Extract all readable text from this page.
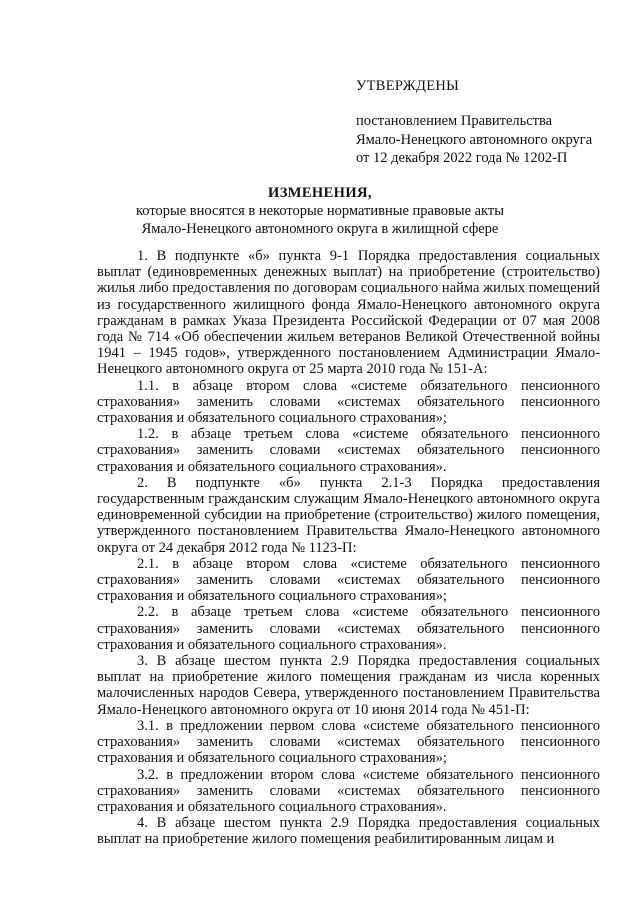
УТВЕРЖДЕНЫ
постановлением Правительства
Ямало-Ненецкого автономного округа
от 12 декабря 2022 года № 1202-П
ИЗМЕНЕНИЯ,
которые вносятся в некоторые нормативные правовые акты
Ямало-Ненецкого автономного округа в жилищной сфере

1. В подпункте «б» пункта 9-1 Порядка предоставления социальных выплат (единовременных денежных выплат) на приобретение (строительство) жилья либо предоставления по договорам социального найма жилых помещений из государственного жилищного фонда Ямало-Ненецкого автономного округа гражданам в рамках Указа Президента Российской Федерации от 07 мая 2008 года № 714 «Об обеспечении жильем ветеранов Великой Отечественной войны 1941 – 1945 годов», утвержденного постановлением Администрации Ямало-Ненецкого автономного округа от 25 марта 2010 года № 151-А:

1.1. в абзаце втором слова «системе обязательного пенсионного страхования» заменить словами «системах обязательного пенсионного страхования и обязательного социального страхования»;

1.2. в абзаце третьем слова «системе обязательного пенсионного страхования» заменить словами «системах обязательного пенсионного страхования и обязательного социального страхования».

2. В подпункте «б» пункта 2.1-3 Порядка предоставления государственным гражданским служащим Ямало-Ненецкого автономного округа единовременной субсидии на приобретение (строительство) жилого помещения, утвержденного постановлением Правительства Ямало-Ненецкого автономного округа от 24 декабря 2012 года № 1123-П:

2.1. в абзаце втором слова «системе обязательного пенсионного страхования» заменить словами «системах обязательного пенсионного страхования и обязательного социального страхования»;

2.2. в абзаце третьем слова «системе обязательного пенсионного страхования» заменить словами «системах обязательного пенсионного страхования и обязательного социального страхования».

3. В абзаце шестом пункта 2.9 Порядка предоставления социальных выплат на приобретение жилого помещения гражданам из числа коренных малочисленных народов Севера, утвержденного постановлением Правительства Ямало-Ненецкого автономного округа от 10 июня 2014 года № 451-П:

3.1. в предложении первом слова «системе обязательного пенсионного страхования» заменить словами «системах обязательного пенсионного страхования и обязательного социального страхования»;

3.2. в предложении втором слова «системе обязательного пенсионного страхования» заменить словами «системах обязательного пенсионного страхования и обязательного социального страхования».

4. В абзаце шестом пункта 2.9 Порядка предоставления социальных выплат на приобретение жилого помещения реабилитированным лицам и
